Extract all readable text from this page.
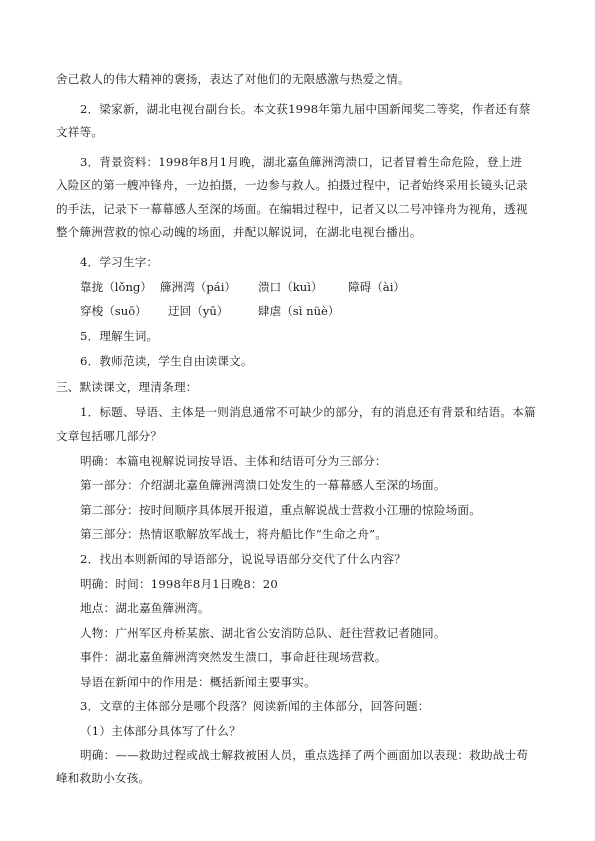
舍己救人的伟大精神的褒扬，表达了对他们的无限感激与热爱之情。
2．梁家新，湖北电视台副台长。本文获1998年第九届中国新闻奖二等奖，作者还有蔡
文祥等。
3．背景资料：1998年8月1月晚，湖北嘉鱼簰洲湾溃口，记者冒着生命危险，登上进
入险区的第一艘冲锋舟，一边拍摄，一边参与救人。拍摄过程中，记者始终采用长镜头记录
的手法，记录下一幕幕感人至深的场面。在编辑过程中，记者又以二号冲锋舟为视角，透视
整个簰洲营救的惊心动魄的场面，并配以解说词，在湖北电视台播出。
4．学习生字：
靠拢（lǒng） 簰洲湾（pái） 溃口（kuì） 障碍（ài）
穿梭（suō） 迂回（yū）	肆虐（sì nüè）
5．理解生词。
6．教师范读，学生自由读课文。
三、默读课文，理清条理：
1．标题、导语、主体是一则消息通常不可缺少的部分，有的消息还有背景和结语。本篇
文章包括哪几部分？
明确：本篇电视解说词按导语、主体和结语可分为三部分：
第一部分：介绍湖北嘉鱼簰洲湾溃口处发生的一幕幕感人至深的场面。
第二部分：按时间顺序具体展开报道，重点解说战士营救小江珊的惊险场面。
第三部分：热情讴歌解放军战士，将舟船比作“生命之舟”。
2．找出本则新闻的导语部分，说说导语部分交代了什么内容？
明确：时间：1998年8月1日晚8：20
地点：湖北嘉鱼簰洲湾。
人物：广州军区舟桥某旅、湖北省公安消防总队、赶往营救记者随同。
事件：湖北嘉鱼簰洲湾突然发生溃口，事命赶往现场营救。
导语在新闻中的作用是：概括新闻主要事实。
3．文章的主体部分是哪个段落？阅读新闻的主体部分，回答问题：
（1）主体部分具体写了什么？
明确：——救助过程或战士解救被困人员，重点选择了两个画面加以表现：救助战士苟
峰和救助小女孩。
